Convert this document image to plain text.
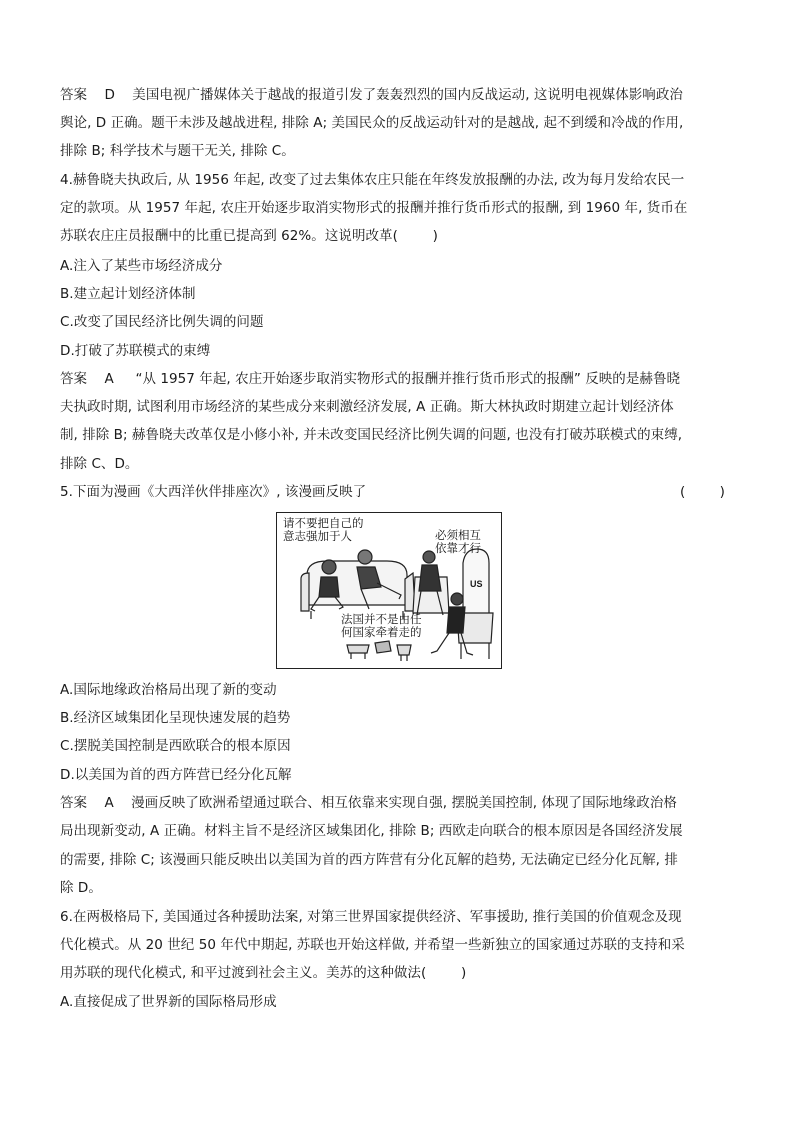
答案    D    美国电视广播媒体关于越战的报道引发了轰轰烈烈的国内反战运动, 这说明电视媒体影响政治
舆论, D 正确。题干未涉及越战进程, 排除 A; 美国民众的反战运动针对的是越战, 起不到缓和冷战的作用,
排除 B; 科学技术与题干无关, 排除 C。
4.赫鲁晓夫执政后, 从 1956 年起, 改变了过去集体农庄只能在年终发放报酬的办法, 改为每月发给农民一
定的款项。从 1957 年起, 农庄开始逐步取消实物形式的报酬并推行货币形式的报酬, 到 1960 年, 货币在
苏联农庄庄员报酬中的比重已提高到 62%。这说明改革(        )
A.注入了某些市场经济成分
B.建立起计划经济体制
C.改变了国民经济比例失调的问题
D.打破了苏联模式的束缚
答案    A     “从 1957 年起, 农庄开始逐步取消实物形式的报酬并推行货币形式的报酬” 反映的是赫鲁晓
夫执政时期, 试图利用市场经济的某些成分来刺激经济发展, A 正确。斯大林执政时期建立起计划经济体
制, 排除 B; 赫鲁晓夫改革仅是小修小补, 并未改变国民经济比例失调的问题, 也没有打破苏联模式的束缚,
排除 C、D。
5.下面为漫画《大西洋伙伴排座次》, 该漫画反映了
A.国际地缘政治格局出现了新的变动
B.经济区域集团化呈现快速发展的趋势
C.摆脱美国控制是西欧联合的根本原因
D.以美国为首的西方阵营已经分化瓦解
答案    A    漫画反映了欧洲希望通过联合、相互依靠来实现自强, 摆脱美国控制, 体现了国际地缘政治格
局出现新变动, A 正确。材料主旨不是经济区域集团化, 排除 B; 西欧走向联合的根本原因是各国经济发展
的需要, 排除 C; 该漫画只能反映出以美国为首的西方阵营有分化瓦解的趋势, 无法确定已经分化瓦解, 排
除 D。
6.在两极格局下, 美国通过各种援助法案, 对第三世界国家提供经济、军事援助, 推行美国的价值观念及现
代化模式。从 20 世纪 50 年代中期起, 苏联也开始这样做, 并希望一些新独立的国家通过苏联的支持和采
用苏联的现代化模式, 和平过渡到社会主义。美苏的这种做法(        )
A.直接促成了世界新的国际格局形成
(        )
请不要把自己的
意志强加于人	必须相互
依靠才行
法国并不是由任
何国家牵着走的
US
